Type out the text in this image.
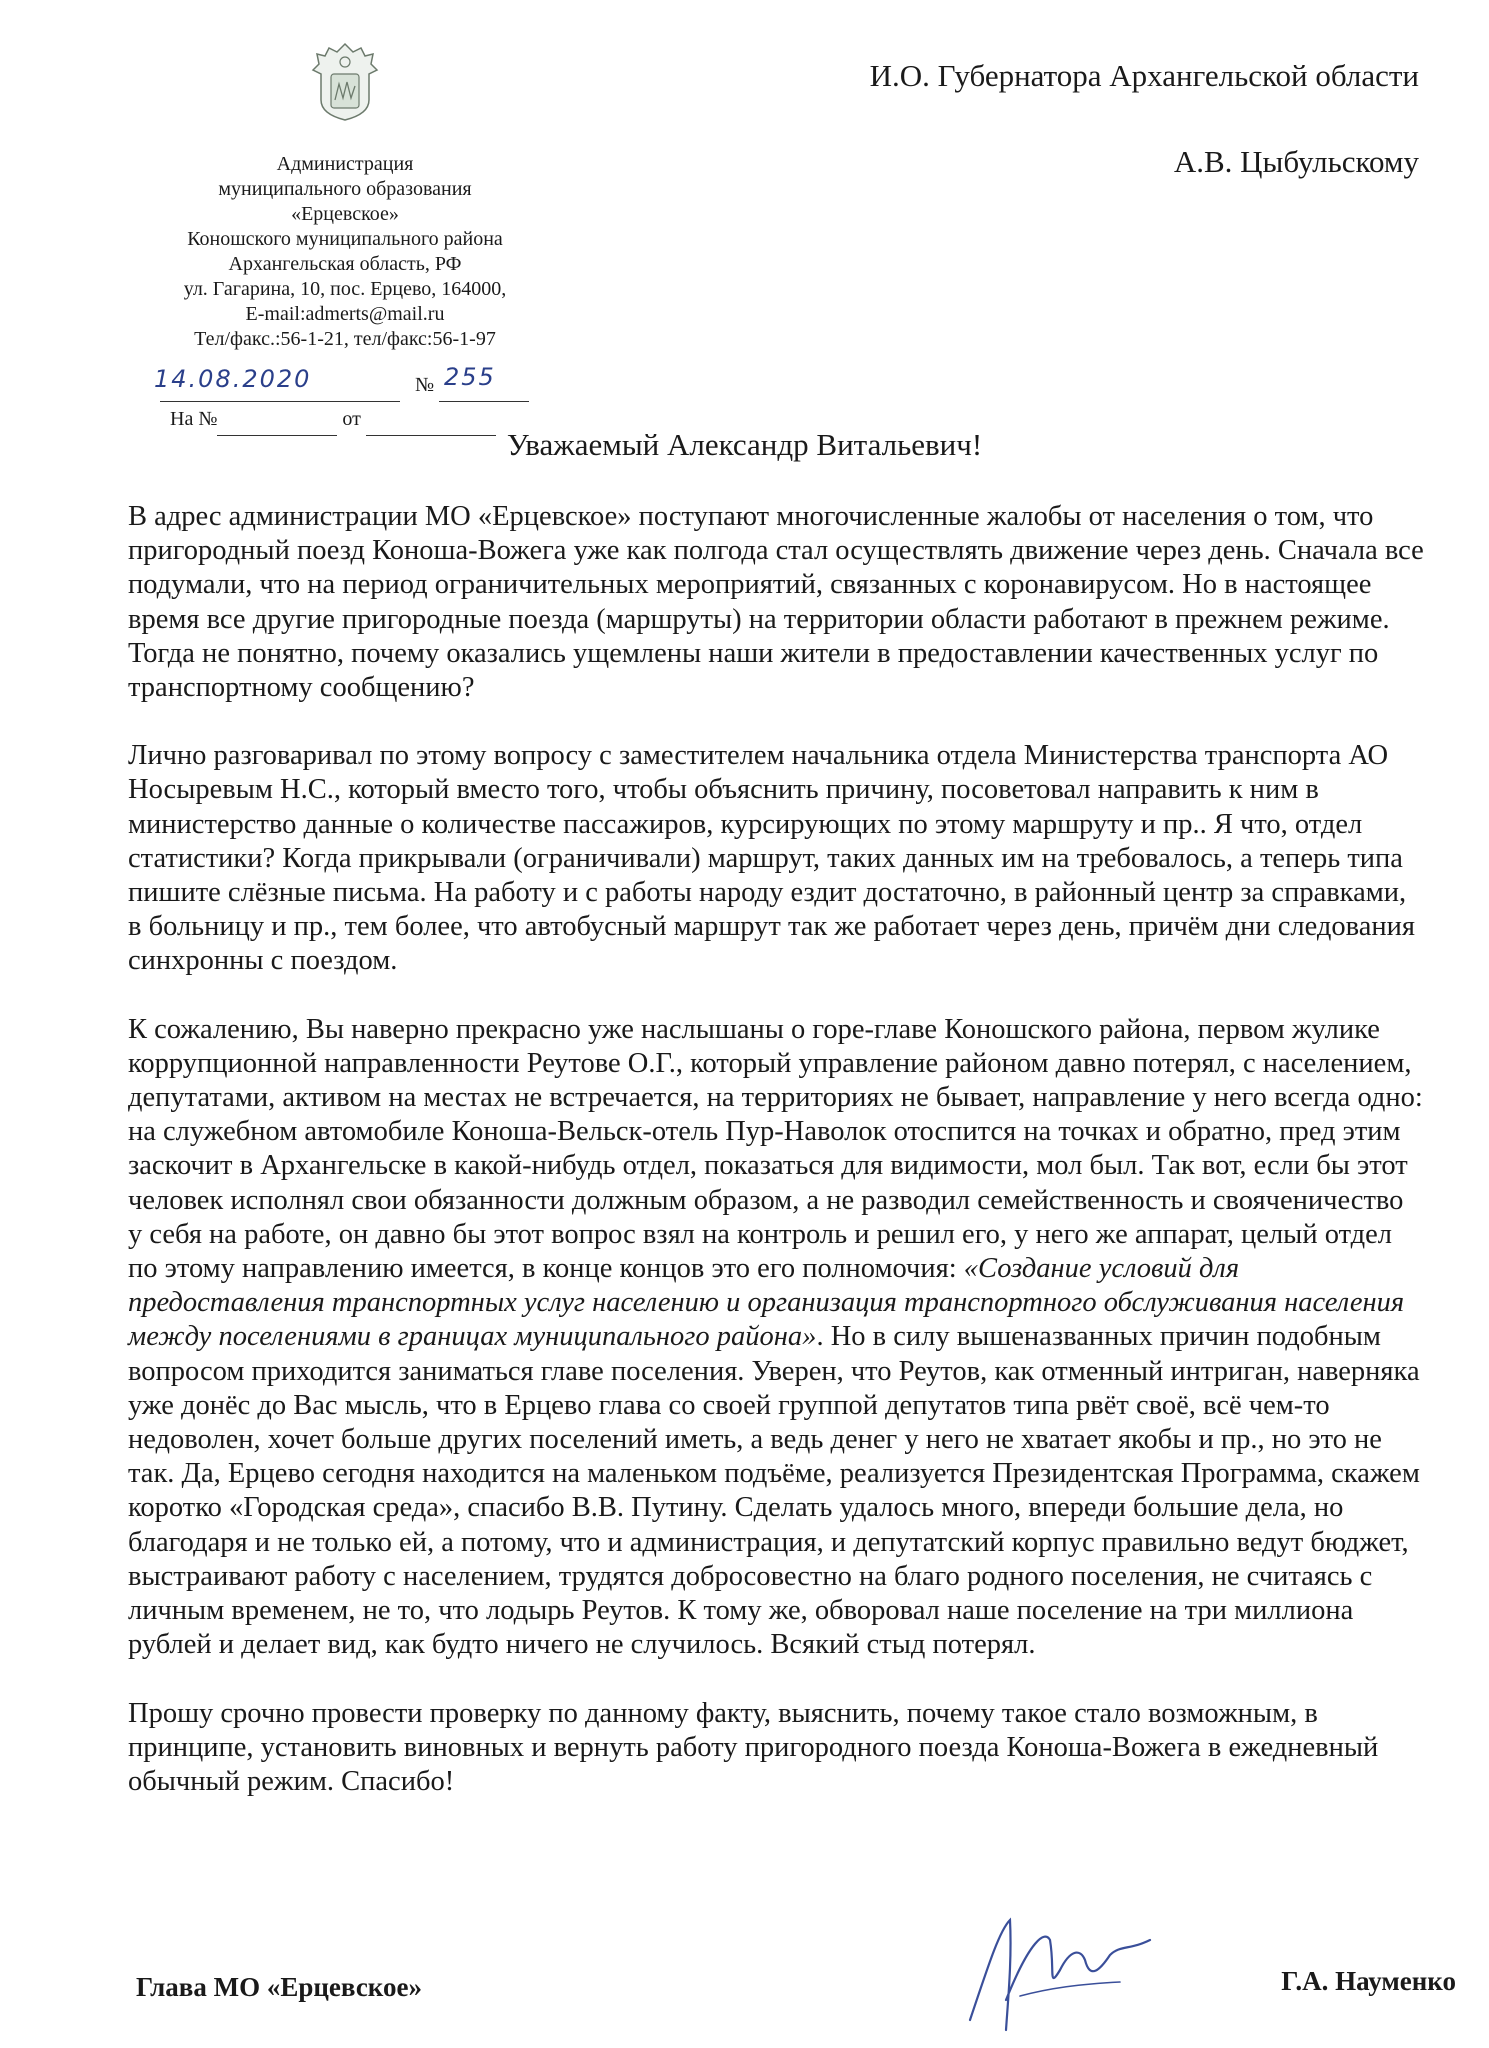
Администрация
муниципального образования
«Ерцевское»
Коношского муниципального района
Архангельская область, РФ
ул. Гагарина, 10, пос. Ерцево, 164000,
E-mail:admerts@mail.ru
Тел/факс.:56-1-21, тел/факс:56-1-97
№
14.08.2020	255
На №	от
И.О. Губернатора Архангельской области
А.В. Цыбульскому
Уважаемый Александр Витальевич!

В адрес администрации МО «Ерцевское» поступают многочисленные жалобы от населения о том, что пригородный поезд Коноша-Вожега уже как полгода стал осуществлять движение через день. Сначала все подумали, что на период ограничительных мероприятий, связанных с коронавирусом. Но в настоящее время все другие пригородные поезда (маршруты) на территории области работают в прежнем режиме. Тогда не понятно, почему оказались ущемлены наши жители в предоставлении качественных услуг по транспортному сообщению?

Лично разговаривал по этому вопросу с заместителем начальника отдела Министерства транспорта АО Носыревым Н.С., который вместо того, чтобы объяснить причину, посоветовал направить к ним в министерство данные о количестве пассажиров, курсирующих по этому маршруту и пр.. Я что, отдел статистики? Когда прикрывали (ограничивали) маршрут, таких данных им на требовалось, а теперь типа пишите слёзные письма. На работу и с работы народу ездит достаточно, в районный центр за справками, в больницу и пр., тем более, что автобусный маршрут так же работает через день, причём дни следования синхронны с поездом.

К сожалению, Вы наверно прекрасно уже наслышаны о горе-главе Коношского района, первом жулике коррупционной направленности Реутове О.Г., который управление районом давно потерял, с населением, депутатами, активом на местах не встречается, на территориях не бывает, направление у него всегда одно: на служебном автомобиле Коноша-Вельск-отель Пур-Наволок отоспится на точках и обратно, пред этим заскочит в Архангельске в какой-нибудь отдел, показаться для видимости, мол был. Так вот, если бы этот человек исполнял свои обязанности должным образом, а не разводил семейственность и свояченичество у себя на работе, он давно бы этот вопрос взял на контроль и решил его, у него же аппарат, целый отдел по этому направлению имеется, в конце концов это его полномочия: «Создание условий для предоставления транспортных услуг населению и организация транспортного обслуживания населения между поселениями в границах муниципального района». Но в силу вышеназванных причин подобным вопросом приходится заниматься главе поселения. Уверен, что Реутов, как отменный интриган, наверняка уже донёс до Вас мысль, что в Ерцево глава со своей группой депутатов типа рвёт своё, всё чем-то недоволен, хочет больше других поселений иметь, а ведь денег у него не хватает якобы и пр., но это не так. Да, Ерцево сегодня находится на маленьком подъёме, реализуется Президентская Программа, скажем коротко «Городская среда», спасибо В.В. Путину. Сделать удалось много, впереди большие дела, но благодаря и не только ей, а потому, что и администрация, и депутатский корпус правильно ведут бюджет, выстраивают работу с населением, трудятся добросовестно на благо родного поселения, не считаясь с личным временем, не то, что лодырь Реутов. К тому же, обворовал наше поселение на три миллиона рублей и делает вид, как будто ничего не случилось. Всякий стыд потерял.

Прошу срочно провести проверку по данному факту, выяснить, почему такое стало возможным, в принципе, установить виновных и вернуть работу пригородного поезда Коноша-Вожега в ежедневный обычный режим. Спасибо!

Глава МО «Ерцевское»	Г.А. Науменко
